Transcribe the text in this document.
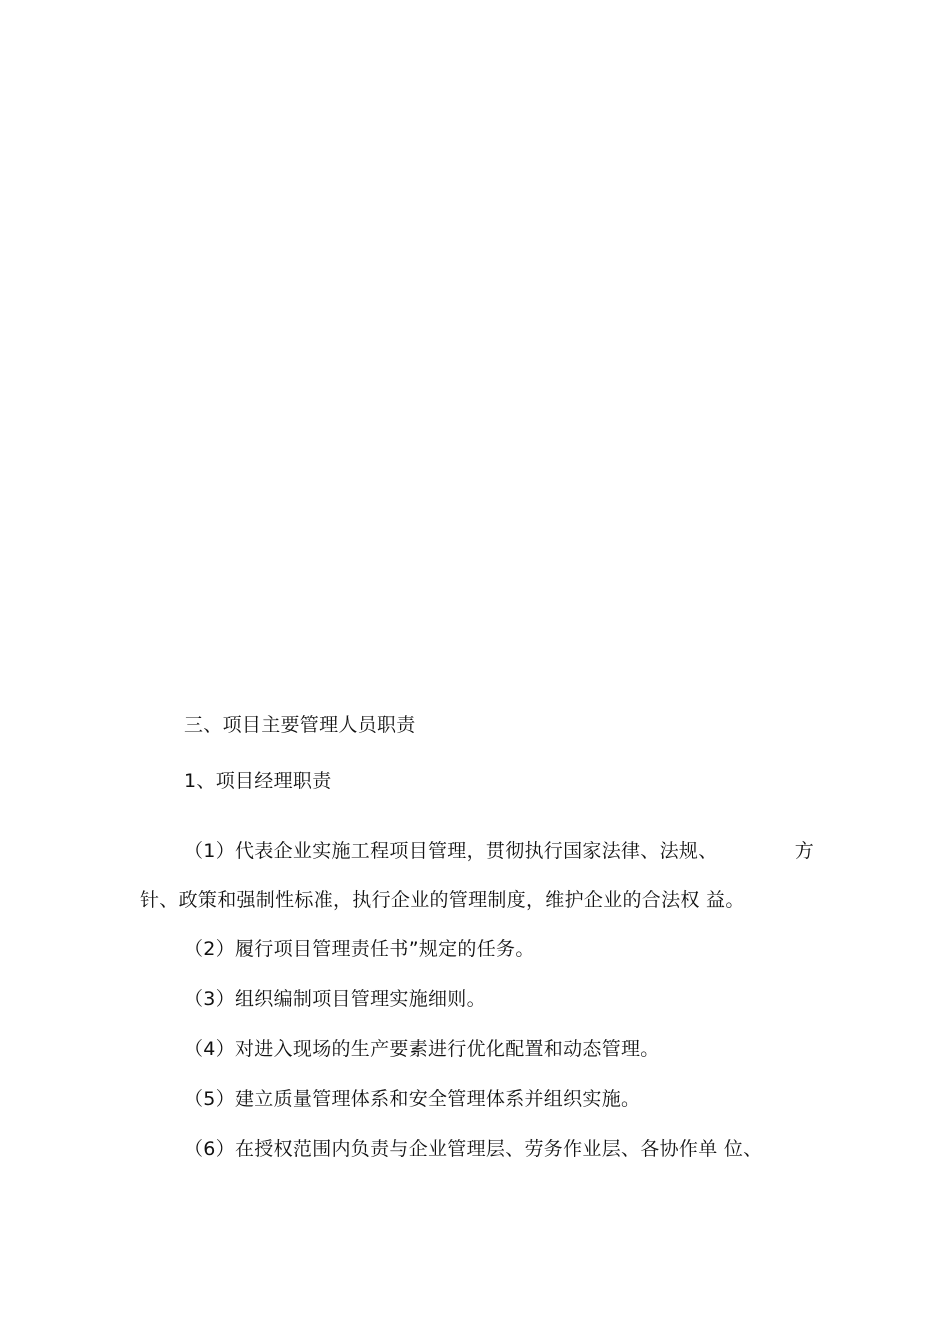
三、项目主要管理人员职责
1、项目经理职责
（1）代表企业实施工程项目管理，贯彻执行国家法律、法规、	方
针、政策和强制性标准，执行企业的管理制度，维护企业的合法权 益。
（2）履行项目管理责任书”规定的任务。
（3）组织编制项目管理实施细则。
（4）对进入现场的生产要素进行优化配置和动态管理。
（5）建立质量管理体系和安全管理体系并组织实施。
（6）在授权范围内负责与企业管理层、劳务作业层、各协作单 位、
